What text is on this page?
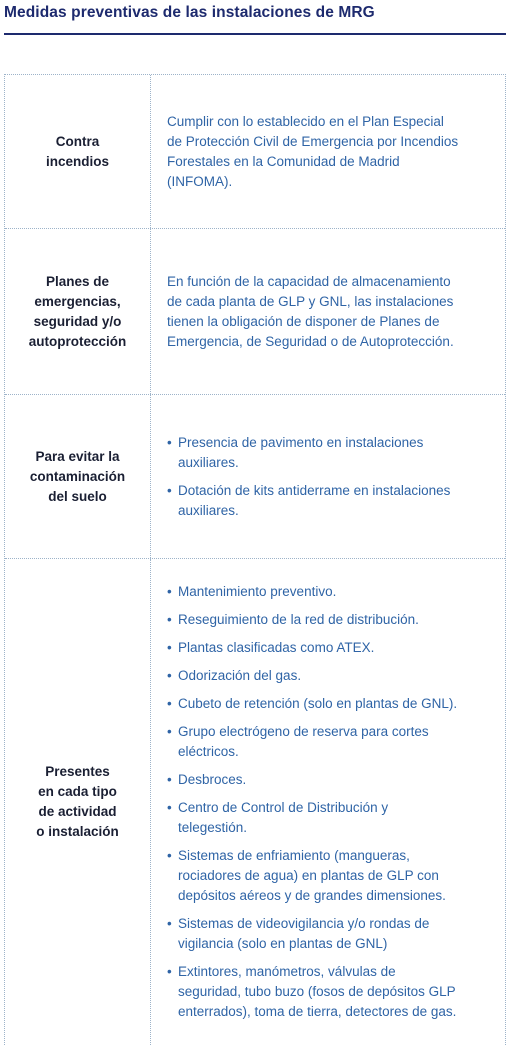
Medidas preventivas de las instalaciones de MRG
Contra
incendios

Cumplir con lo establecido en el Plan Especial
de Protección Civil de Emergencia por Incendios
Forestales en la Comunidad de Madrid
(INFOMA).

Planes de
emergencias,
seguridad y/o
autoprotección

En función de la capacidad de almacenamiento
de cada planta de GLP y GNL, las instalaciones
tienen la obligación de disponer de Planes de
Emergencia, de Seguridad o de Autoprotección.

Para evitar la
contaminación
del suelo
• Presencia de pavimento en instalaciones
auxiliares.
• Dotación de kits antiderrame en instalaciones
auxiliares.
Presentes
en cada tipo
de actividad
o instalación
• Mantenimiento preventivo.
• Reseguimiento de la red de distribución.
• Plantas clasificadas como ATEX.
• Odorización del gas.
• Cubeto de retención (solo en plantas de GNL).
• Grupo electrógeno de reserva para cortes
eléctricos.
• Desbroces.
• Centro de Control de Distribución y
telegestión.
• Sistemas de enfriamiento (mangueras,
rociadores de agua) en plantas de GLP con
depósitos aéreos y de grandes dimensiones.
• Sistemas de videovigilancia y/o rondas de
vigilancia (solo en plantas de GNL)
• Extintores, manómetros, válvulas de
seguridad, tubo buzo (fosos de depósitos GLP
enterrados), toma de tierra, detectores de gas.
